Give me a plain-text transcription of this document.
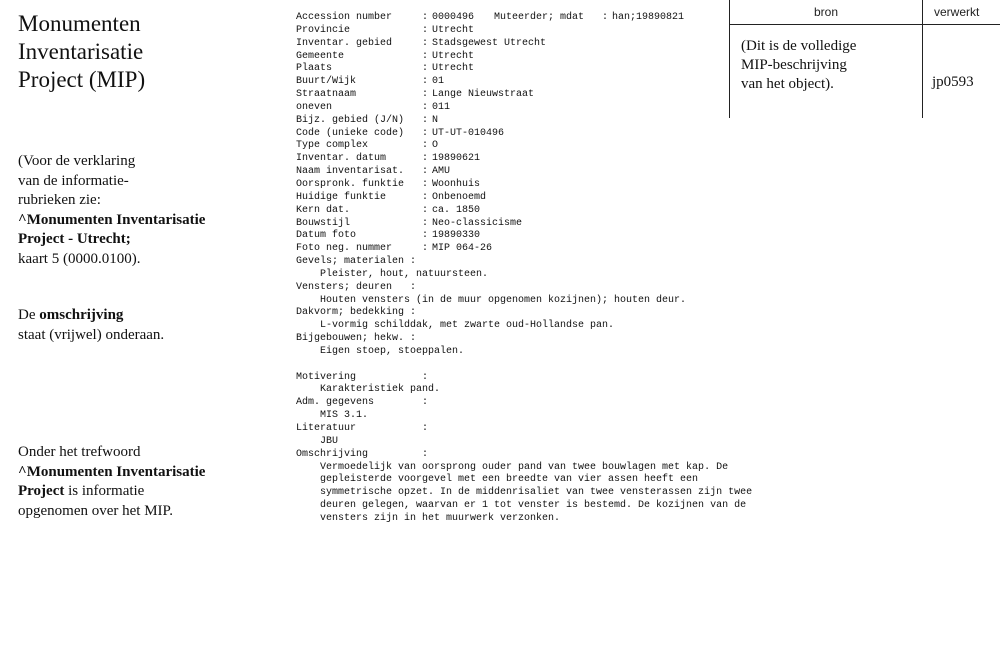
Monumenten
Inventarisatie
Project (MIP)
(Voor de verklaring
van de informatie-
rubrieken zie:
^Monumenten Inventarisatie
Project - Utrecht;
kaart 5 (0000.0100).
De omschrijving
staat (vrijwel) onderaan.
Onder het trefwoord
^Monumenten Inventarisatie
Project is informatie
opgenomen over het MIP.
Accession number	: 0000496 Muteerder; mdat : han;19890821
Provincie	: Utrecht
Inventar. gebied	: Stadsgewest Utrecht
Gemeente	: Utrecht
Plaats	: Utrecht
Buurt/Wijk	: 01
Straatnaam	: Lange Nieuwstraat
oneven	: 011
Bijz. gebied (J/N) : N
Code (unieke code) : UT-UT-010496
Type complex	: O
Inventar. datum	: 19890621
Naam inventarisat. : AMU
Oorspronk. funktie : Woonhuis
Huidige funktie	: Onbenoemd
Kern dat.	: ca. 1850
Bouwstijl	: Neo-classicisme
Datum foto	: 19890330
Foto neg. nummer	: MIP 064-26
Gevels; materialen :
Pleister, hout, natuursteen.
Vensters; deuren   :
Houten vensters (in de muur opgenomen kozijnen); houten deur.
Dakvorm; bedekking :
L-vormig schilddak, met zwarte oud-Hollandse pan.
Bijgebouwen; hekw. :
Eigen stoep, stoeppalen.
Motivering	:
Karakteristiek pand.
Adm. gegevens	:
MIS 3.1.
Literatuur	:
JBU
Omschrijving	:
Vermoedelijk van oorsprong ouder pand van twee bouwlagen met kap. De
gepleisterde voorgevel met een breedte van vier assen heeft een
symmetrische opzet. In de middenrisaliet van twee vensterassen zijn twee
deuren gelegen, waarvan er 1 tot venster is bestemd. De kozijnen van de
vensters zijn in het muurwerk verzonken.
bron	verwerkt
(Dit is de volledige
MIP-beschrijving
van het object).	jp0593
